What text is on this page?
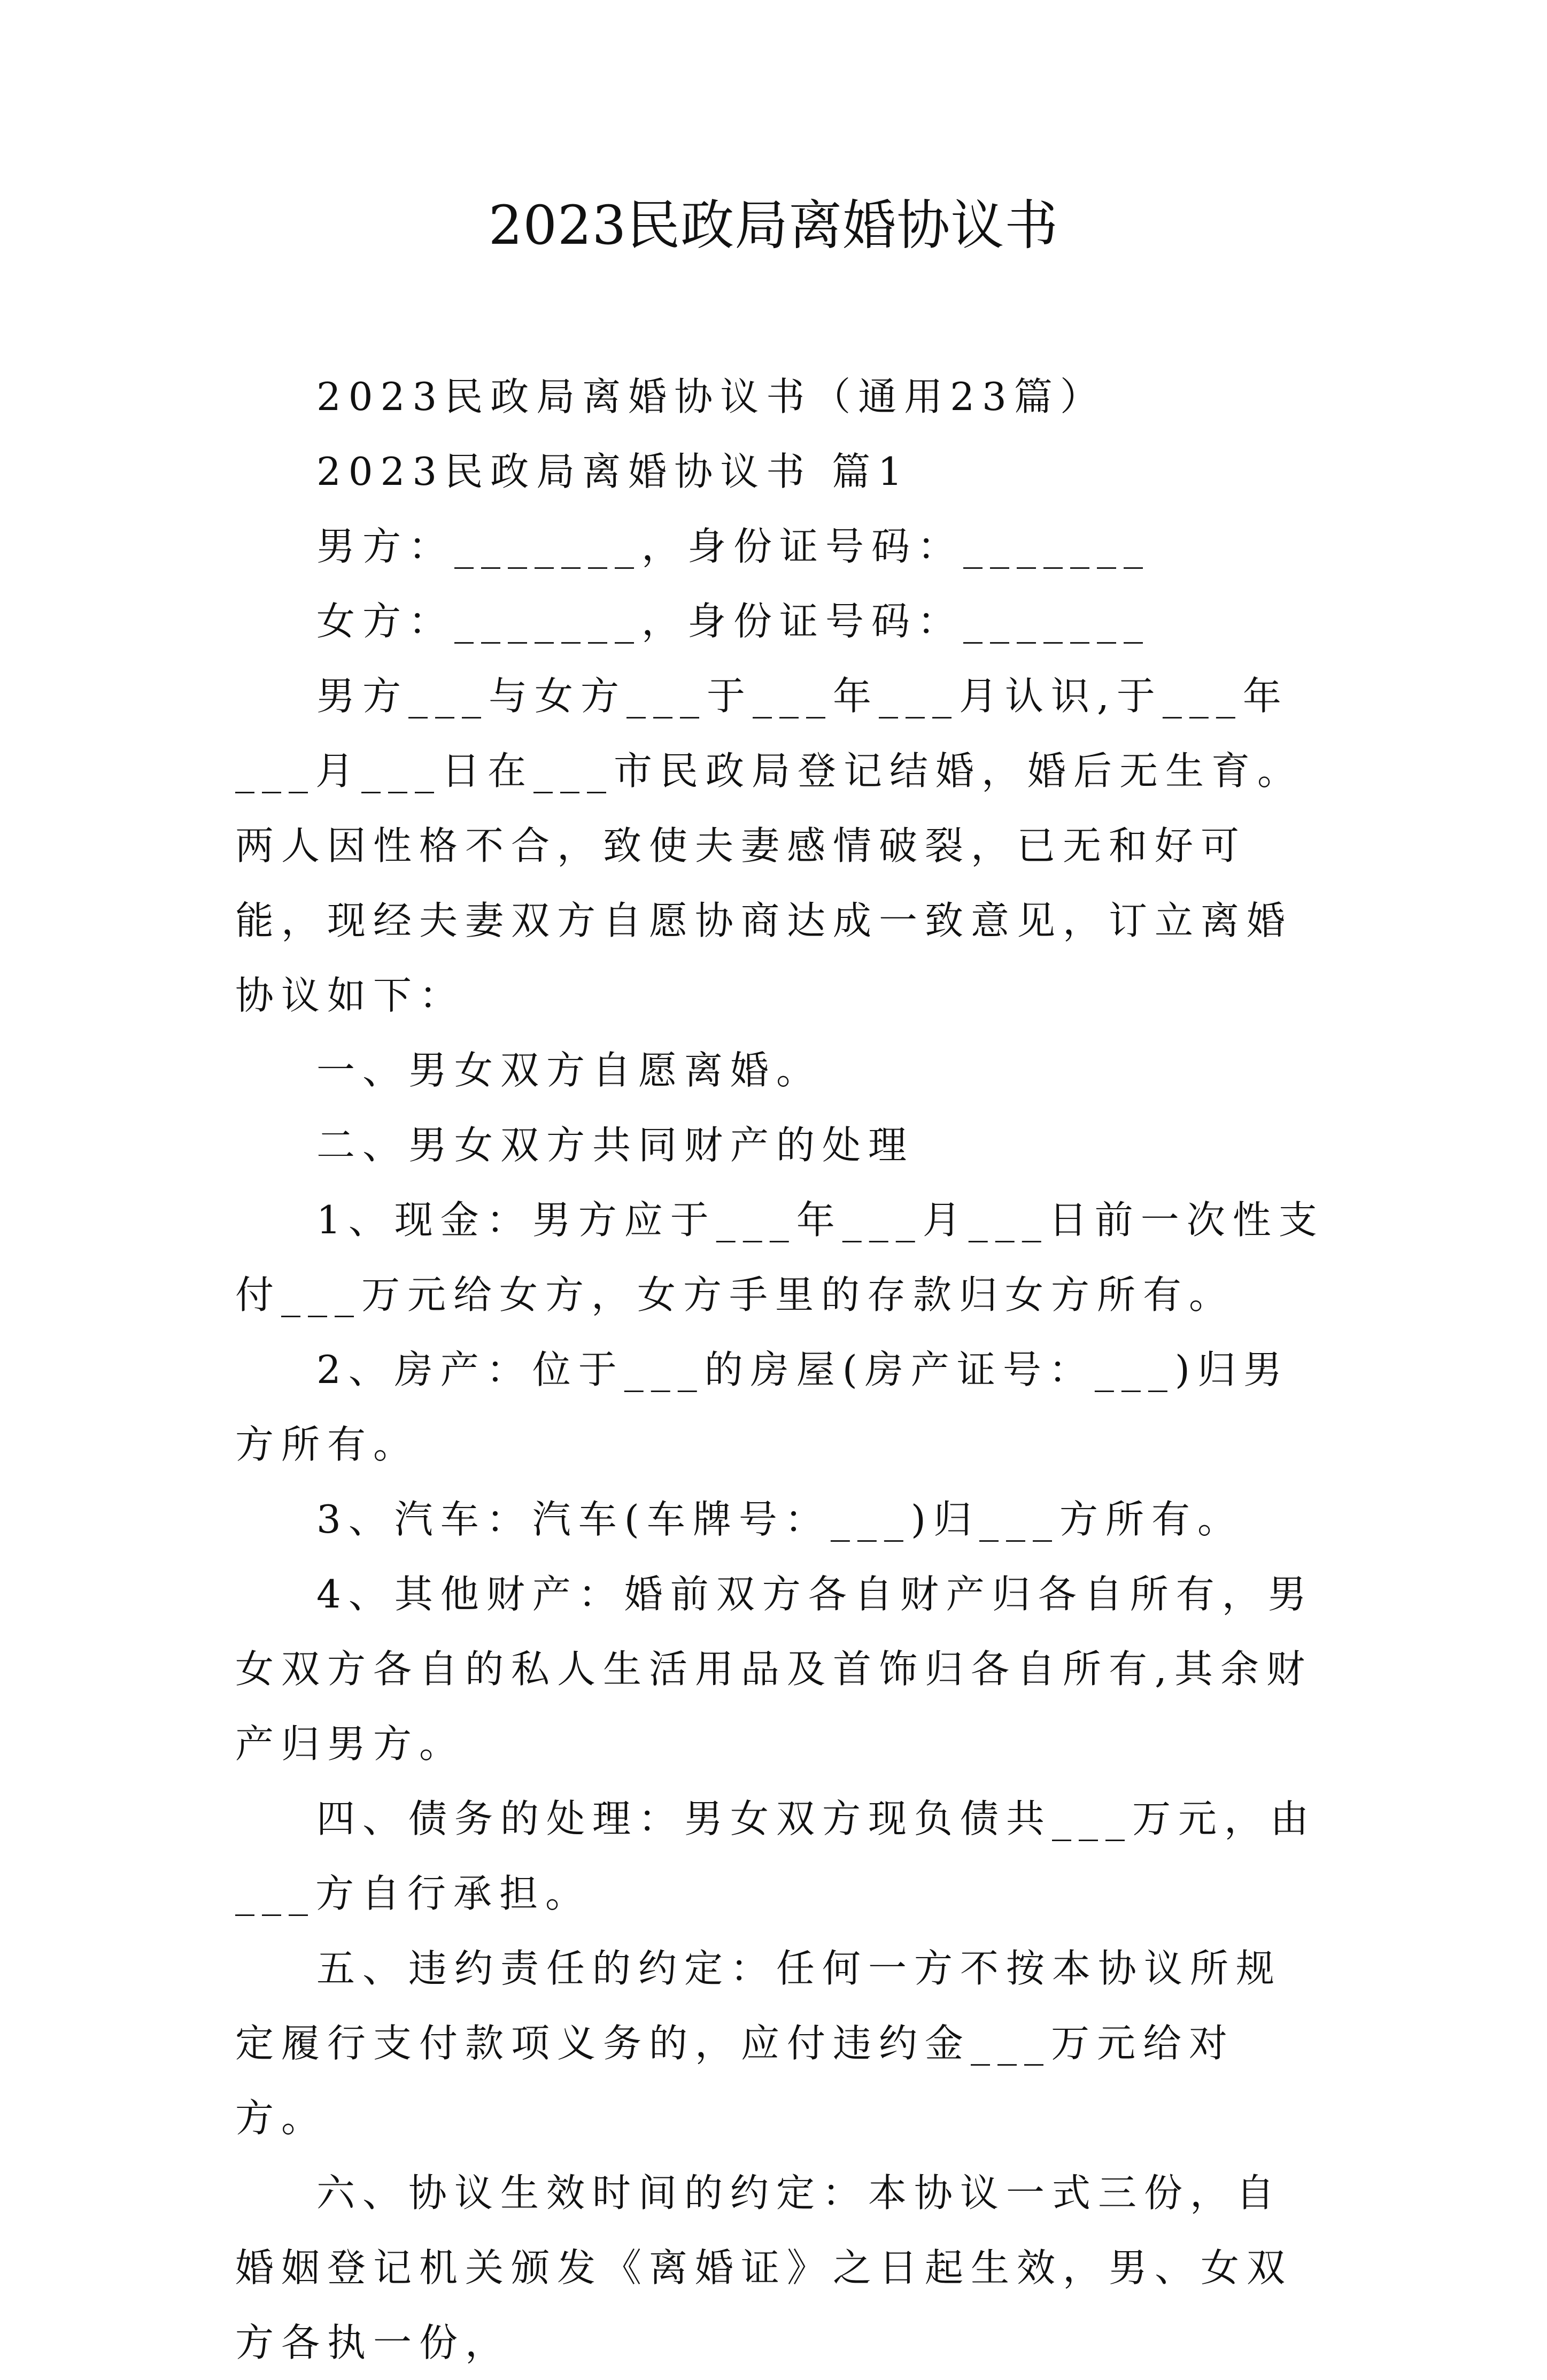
2023民政局离婚协议书

2023民政局离婚协议书（通用23篇）

2023民政局离婚协议书 篇1

男方：_______，身份证号码：_______

女方：_______，身份证号码：_______

男方___与女方___于___年___月认识,于___年___月___日在___市民政局登记结婚，婚后无生育。两人因性格不合，致使夫妻感情破裂，已无和好可能，现经夫妻双方自愿协商达成一致意见，订立离婚协议如下：

一、男女双方自愿离婚。

二、男女双方共同财产的处理

1、现金：男方应于___年___月___日前一次性支付___万元给女方，女方手里的存款归女方所有。

2、房产：位于___的房屋(房产证号：___)归男方所有。

3、汽车：汽车(车牌号：___)归___方所有。

4、其他财产：婚前双方各自财产归各自所有，男女双方各自的私人生活用品及首饰归各自所有,其余财产归男方。

四、债务的处理：男女双方现负债共___万元，由___方自行承担。

五、违约责任的约定：任何一方不按本协议所规定履行支付款项义务的，应付违约金___万元给对方。

六、协议生效时间的约定：本协议一式三份，自婚姻登记机关颁发《离婚证》之日起生效，男、女双方各执一份，
